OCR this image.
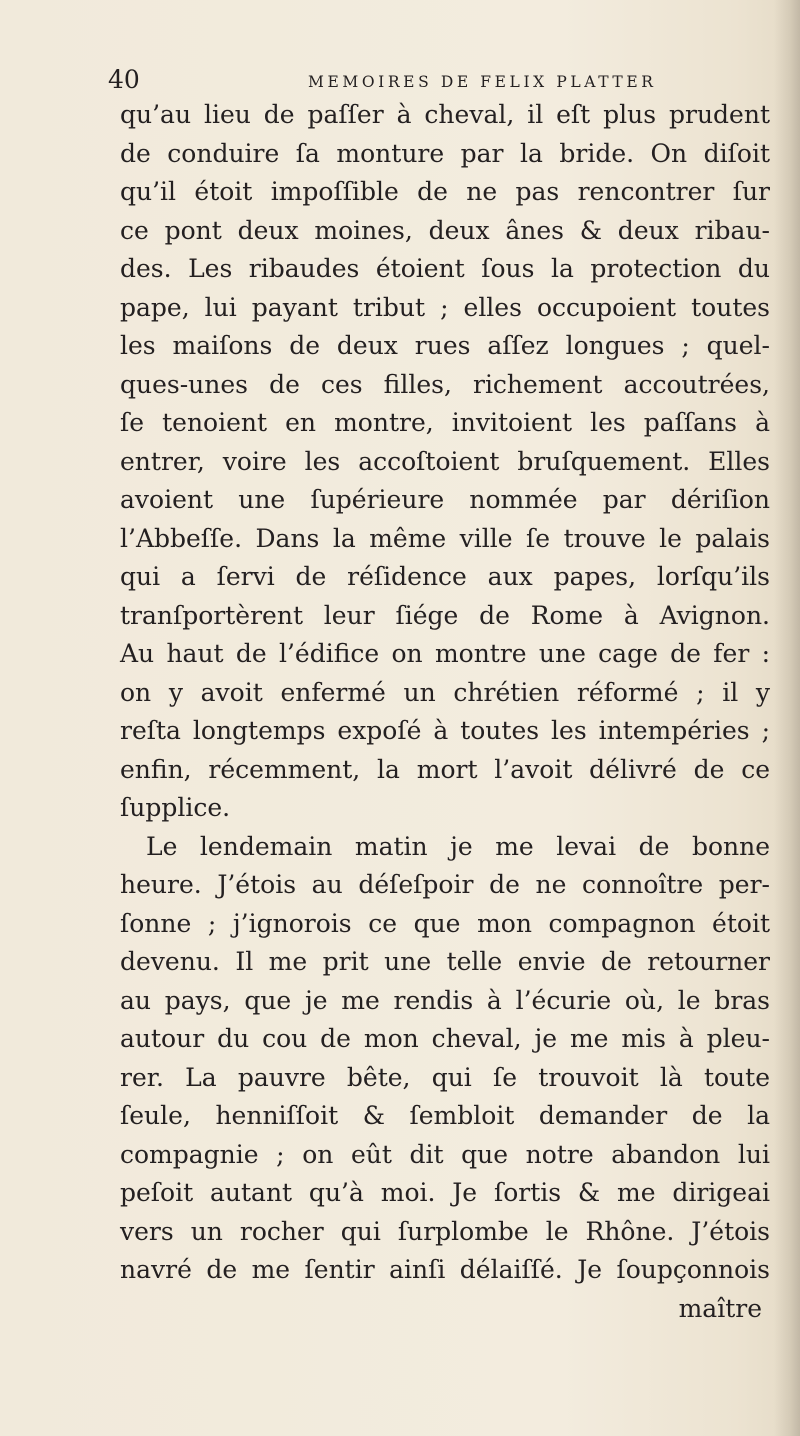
40	MEMOIRES DE FELIX PLATTER
qu’au lieu de paſſer à cheval, il eſt plus prudent
de conduire ſa monture par la bride. On diſoit
qu’il étoit impoſſible de ne pas rencontrer ſur
ce pont deux moines, deux ânes & deux ribau-
des. Les ribaudes étoient ſous la protection du
pape, lui payant tribut ; elles occupoient toutes
les maiſons de deux rues aſſez longues ; quel-
ques-unes de ces filles, richement accoutrées,
ſe tenoient en montre, invitoient les paſſans à
entrer, voire les accoſtoient bruſquement. Elles
avoient une ſupérieure nommée par dériſion
l’Abbeſſe. Dans la même ville ſe trouve le palais
qui a ſervi de réſidence aux papes, lorſqu’ils
tranſportèrent leur ſiége de Rome à Avignon.
Au haut de l’édifice on montre une cage de fer :
on y avoit enfermé un chrétien réformé ; il y
reſta longtemps expoſé à toutes les intempéries ;
enfin, récemment, la mort l’avoit délivré de ce
ſupplice.
Le lendemain matin je me levai de bonne
heure. J’étois au déſeſpoir de ne connoître per-
ſonne ; j’ignorois ce que mon compagnon étoit
devenu. Il me prit une telle envie de retourner
au pays, que je me rendis à l’écurie où, le bras
autour du cou de mon cheval, je me mis à pleu-
rer. La pauvre bête, qui ſe trouvoit là toute
ſeule, henniſſoit & ſembloit demander de la
compagnie ; on eût dit que notre abandon lui
peſoit autant qu’à moi. Je ſortis & me dirigeai
vers un rocher qui ſurplombe le Rhône. J’étois
navré de me ſentir ainſi délaiſſé. Je ſoupçonnois
maître
